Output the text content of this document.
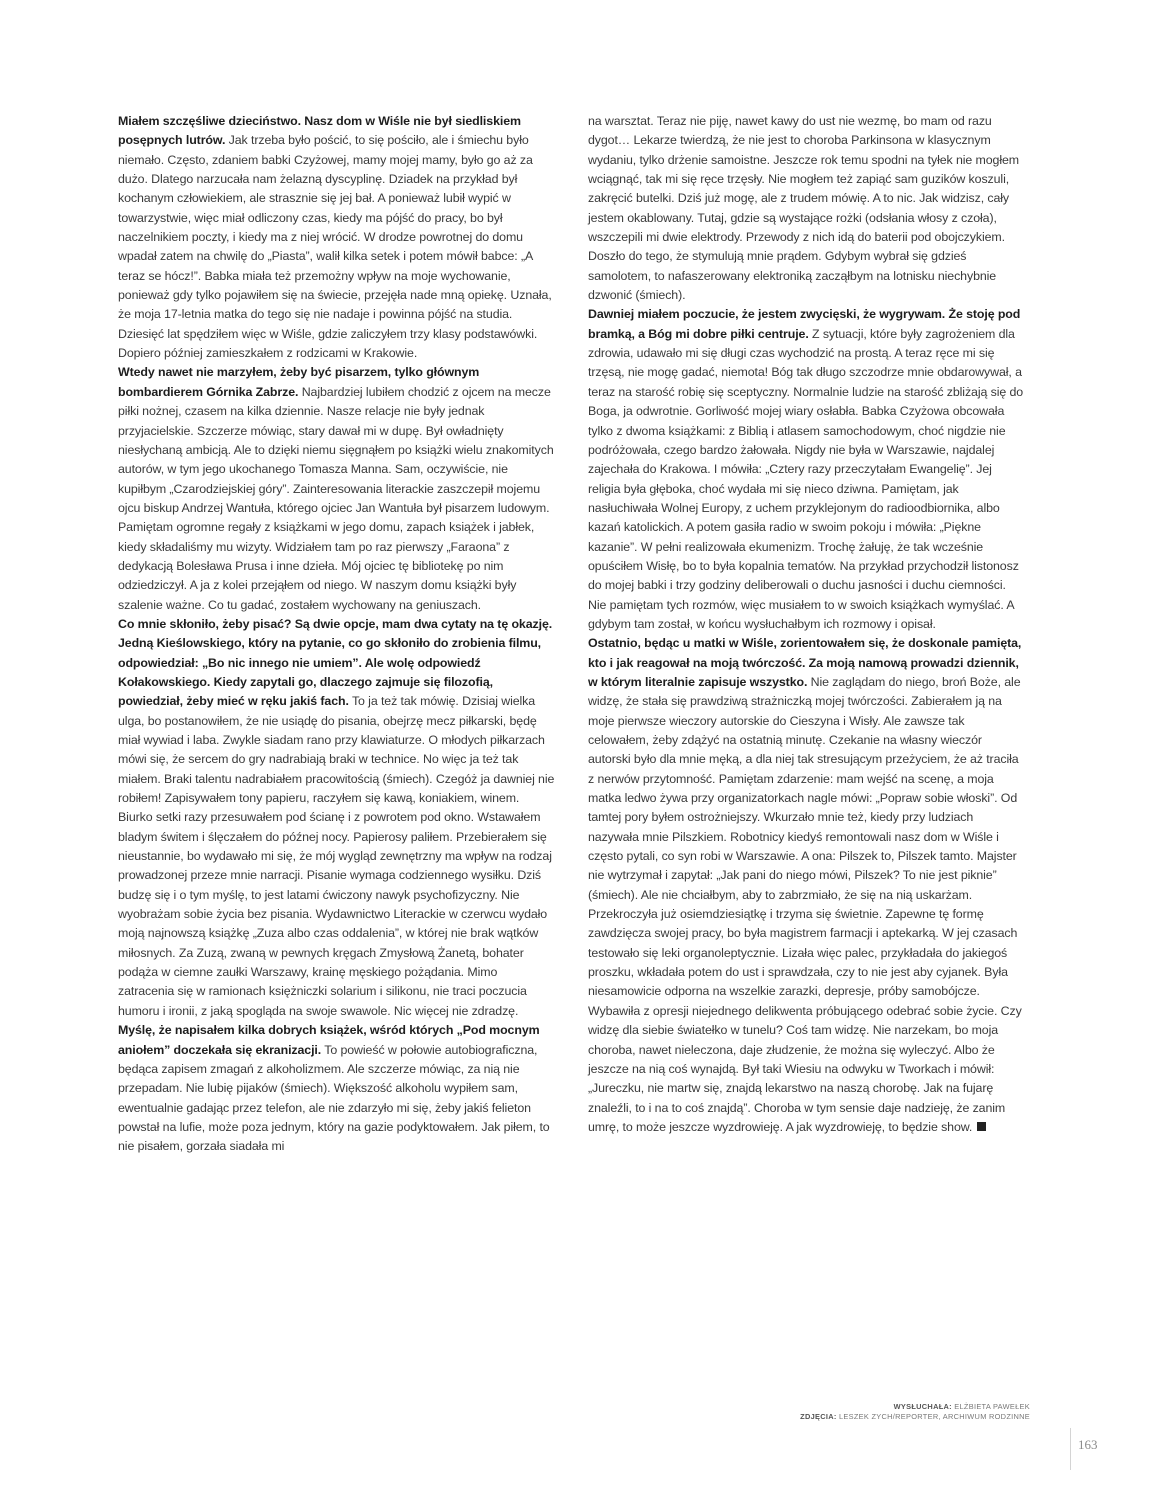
Miałem szczęśliwe dzieciństwo. Nasz dom w Wiśle nie był siedliskiem posępnych lutrów. Jak trzeba było pościć, to się pościło, ale i śmiechu było niemało. Często, zdaniem babki Czyżowej, mamy mojej mamy, było go aż za dużo. Dlatego narzucała nam żelazną dyscyplinę. Dziadek na przykład był kochanym człowiekiem, ale strasznie się jej bał. A ponieważ lubił wypić w towarzystwie, więc miał odliczony czas, kiedy ma pójść do pracy, bo był naczelnikiem poczty, i kiedy ma z niej wrócić. W drodze powrotnej do domu wpadał zatem na chwilę do „Piasta”, walił kilka setek i potem mówił babce: „A teraz se hócz!”. Babka miała też przemożny wpływ na moje wychowanie, ponieważ gdy tylko pojawiłem się na świecie, przejęła nade mną opiekę. Uznała, że moja 17-letnia matka do tego się nie nadaje i powinna pójść na studia. Dziesięć lat spędziłem więc w Wiśle, gdzie zaliczyłem trzy klasy podstawówki. Dopiero później zamieszkałem z rodzicami w Krakowie.

Wtedy nawet nie marzyłem, żeby być pisarzem, tylko głównym bombardierem Górnika Zabrze. Najbardziej lubiłem chodzić z ojcem na mecze piłki nożnej, czasem na kilka dziennie. Nasze relacje nie były jednak przyjacielskie. Szczerze mówiąc, stary dawał mi w dupę. Był owładnięty niesłychaną ambicją. Ale to dzięki niemu sięgnąłem po książki wielu znakomitych autorów, w tym jego ukochanego Tomasza Manna. Sam, oczywiście, nie kupiłbym „Czarodziejskiej góry”. Zainteresowania literackie zaszczepił mojemu ojcu biskup Andrzej Wantuła, którego ojciec Jan Wantuła był pisarzem ludowym. Pamiętam ogromne regały z książkami w jego domu, zapach książek i jabłek, kiedy składaliśmy mu wizyty. Widziałem tam po raz pierwszy „Faraona” z dedykacją Bolesława Prusa i inne dzieła. Mój ojciec tę bibliotekę po nim odziedziczył. A ja z kolei przejąłem od niego. W naszym domu książki były szalenie ważne. Co tu gadać, zostałem wychowany na geniuszach.

Co mnie skłoniło, żeby pisać? Są dwie opcje, mam dwa cytaty na tę okazję. Jedną Kieślowskiego, który na pytanie, co go skłoniło do zrobienia filmu, odpowiedział: „Bo nic innego nie umiem”. Ale wolę odpowiedź Kołakowskiego. Kiedy zapytali go, dlaczego zajmuje się filozofią, powiedział, żeby mieć w ręku jakiś fach. To ja też tak mówię. Dzisiaj wielka ulga, bo postanowiłem, że nie usiądę do pisania, obejrzę mecz piłkarski, będę miał wywiad i laba. Zwykle siadam rano przy klawiaturze. O młodych piłkarzach mówi się, że sercem do gry nadrabiają braki w technice. No więc ja też tak miałem. Braki talentu nadrabiałem pracowitością (śmiech). Czegóż ja dawniej nie robiłem! Zapisywałem tony papieru, raczyłem się kawą, koniakiem, winem. Biurko setki razy przesuwałem pod ścianę i z powrotem pod okno. Wstawałem bladym świtem i ślęczałem do późnej nocy. Papierosy paliłem. Przebierałem się nieustannie, bo wydawało mi się, że mój wygląd zewnętrzny ma wpływ na rodzaj prowadzonej przeze mnie narracji. Pisanie wymaga codziennego wysiłku. Dziś budzę się i o tym myślę, to jest latami ćwiczony nawyk psychofizyczny. Nie wyobrażam sobie życia bez pisania. Wydawnictwo Literackie w czerwcu wydało moją najnowszą książkę „Zuza albo czas oddalenia”, w której nie brak wątków miłosnych. Za Zuzą, zwaną w pewnych kręgach Zmysłową Żanetą, bohater podąża w ciemne zaułki Warszawy, krainę męskiego pożądania. Mimo zatracenia się w ramionach księżniczki solarium i silikonu, nie traci poczucia humoru i ironii, z jaką spogląda na swoje swawole. Nic więcej nie zdradzę.

Myślę, że napisałem kilka dobrych książek, wśród których „Pod mocnym aniołem” doczekała się ekranizacji. To powieść w połowie autobiograficzna, będąca zapisem zmagań z alkoholizmem. Ale szczerze mówiąc, za nią nie przepadam. Nie lubię pijaków (śmiech). Większość alkoholu wypiłem sam, ewentualnie gadając przez telefon, ale nie zdarzyło mi się, żeby jakiś felieton powstał na lufie, może poza jednym, który na gazie podyktowałem. Jak piłem, to nie pisałem, gorzała siadała mi

na warsztat. Teraz nie piję, nawet kawy do ust nie wezmę, bo mam od razu dygot… Lekarze twierdzą, że nie jest to choroba Parkinsona w klasycznym wydaniu, tylko drżenie samoistne. Jeszcze rok temu spodni na tyłek nie mogłem wciągnąć, tak mi się ręce trzęsły. Nie mogłem też zapiąć sam guzików koszuli, zakręcić butelki. Dziś już mogę, ale z trudem mówię. A to nic. Jak widzisz, cały jestem okablowany. Tutaj, gdzie są wystające rożki (odsłania włosy z czoła), wszczepili mi dwie elektrody. Przewody z nich idą do baterii pod obojczykiem. Doszło do tego, że stymulują mnie prądem. Gdybym wybrał się gdzieś samolotem, to nafaszerowany elektroniką zacząłbym na lotnisku niechybnie dzwonić (śmiech).

Dawniej miałem poczucie, że jestem zwycięski, że wygrywam. Że stoję pod bramką, a Bóg mi dobre piłki centruje. Z sytuacji, które były zagrożeniem dla zdrowia, udawało mi się długi czas wychodzić na prostą. A teraz ręce mi się trzęsą, nie mogę gadać, niemota! Bóg tak długo szczodrze mnie obdarowywał, a teraz na starość robię się sceptyczny. Normalnie ludzie na starość zbliżają się do Boga, ja odwrotnie. Gorliwość mojej wiary osłabła. Babka Czyżowa obcowała tylko z dwoma książkami: z Biblią i atlasem samochodowym, choć nigdzie nie podróżowała, czego bardzo żałowała. Nigdy nie była w Warszawie, najdalej zajechała do Krakowa. I mówiła: „Cztery razy przeczytałam Ewangelię”. Jej religia była głęboka, choć wydała mi się nieco dziwna. Pamiętam, jak nasłuchiwała Wolnej Europy, z uchem przyklejonym do radioodbiornika, albo kazań katolickich. A potem gasiła radio w swoim pokoju i mówiła: „Piękne kazanie”. W pełni realizowała ekumenizm. Trochę żałuję, że tak wcześnie opuściłem Wisłę, bo to była kopalnia tematów. Na przykład przychodził listonosz do mojej babki i trzy godziny deliberowali o duchu jasności i duchu ciemności. Nie pamiętam tych rozmów, więc musiałem to w swoich książkach wymyślać. A gdybym tam został, w końcu wysłuchałbym ich rozmowy i opisał.

Ostatnio, będąc u matki w Wiśle, zorientowałem się, że doskonale pamięta, kto i jak reagował na moją twórczość. Za moją namową prowadzi dziennik, w którym literalnie zapisuje wszystko. Nie zaglądam do niego, broń Boże, ale widzę, że stała się prawdziwą strażniczką mojej twórczości. Zabierałem ją na moje pierwsze wieczory autorskie do Cieszyna i Wisły. Ale zawsze tak celowałem, żeby zdążyć na ostatnią minutę. Czekanie na własny wieczór autorski było dla mnie męką, a dla niej tak stresującym przeżyciem, że aż traciła z nerwów przytomność. Pamiętam zdarzenie: mam wejść na scenę, a moja matka ledwo żywa przy organizatorkach nagle mówi: „Popraw sobie włoski”. Od tamtej pory byłem ostrożniejszy. Wkurzało mnie też, kiedy przy ludziach nazywała mnie Pilszkiem. Robotnicy kiedyś remontowali nasz dom w Wiśle i często pytali, co syn robi w Warszawie. A ona: Pilszek to, Pilszek tamto. Majster nie wytrzymał i zapytał: „Jak pani do niego mówi, Pilszek? To nie jest piknie” (śmiech). Ale nie chciałbym, aby to zabrzmiało, że się na nią uskarżam. Przekroczyła już osiemdziesiątkę i trzyma się świetnie. Zapewne tę formę zawdzięcza swojej pracy, bo była magistrem farmacji i aptekarką. W jej czasach testowało się leki organoleptycznie. Lizała więc palec, przykładała do jakiegoś proszku, wkładała potem do ust i sprawdzała, czy to nie jest aby cyjanek. Była niesamowicie odporna na wszelkie zarazki, depresje, próby samobójcze. Wybawiła z opresji niejednego delikwenta próbującego odebrać sobie życie. Czy widzę dla siebie światełko w tunelu? Coś tam widzę. Nie narzekam, bo moja choroba, nawet nieleczona, daje złudzenie, że można się wyleczyć. Albo że jeszcze na nią coś wynajdą. Był taki Wiesiu na odwyku w Tworkach i mówił: „Jureczku, nie martw się, znajdą lekarstwo na naszą chorobę. Jak na fujarę znaleźli, to i na to coś znajdą”. Choroba w tym sensie daje nadzieję, że zanim umrę, to może jeszcze wyzdrowieję. A jak wyzdrowieję, to będzie show.

WYSŁUCHAŁA: ELŻBIETA PAWEŁEK
ZDJĘCIA: LESZEK ZYCH/REPORTER, ARCHIWUM RODZINNE
163
